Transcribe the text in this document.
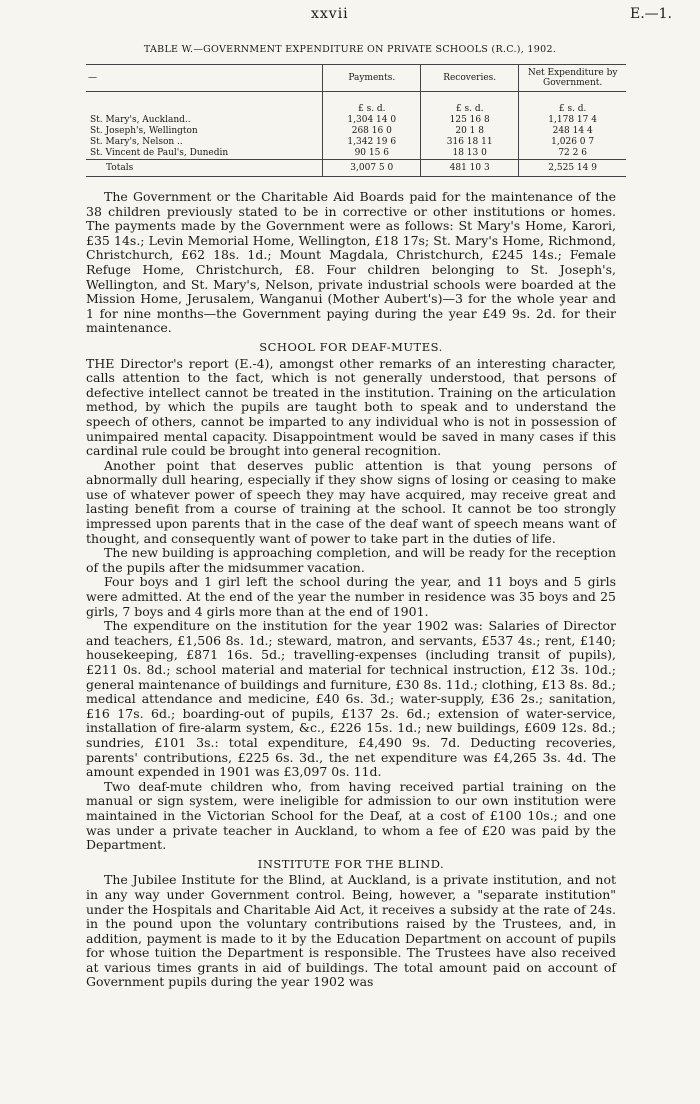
xxvii	E.—1.
TABLE W.—GOVERNMENT EXPENDITURE ON PRIVATE SCHOOLS (R.C.), 1902.
—	Payments.	Recoveries.	Net Expenditure by Government.

	£ s. d.	£ s. d.	£ s. d.
St. Mary's, Auckland..	1,304 14 0	125 16 8	1,178 17 4
St. Joseph's, Wellington	268 16 0	20 1 8	248 14 4
St. Mary's, Nelson ..	1,342 19 6	316 18 11	1,026 0 7
St. Vincent de Paul's, Dunedin	90 15 6	18 13 0	72 2 6
Totals	3,007 5 0	481 10 3	2,525 14 9

The Government or the Charitable Aid Boards paid for the maintenance of the 38 children previously stated to be in corrective or other institutions or homes. The payments made by the Government were as follows: St Mary's Home, Karori, £35 14s.; Levin Memorial Home, Wellington, £18 17s; St. Mary's Home, Richmond, Christchurch, £62 18s. 1d.; Mount Magdala, Christchurch, £245 14s.; Female Refuge Home, Christchurch, £8. Four children belonging to St. Joseph's, Wellington, and St. Mary's, Nelson, private industrial schools were boarded at the Mission Home, Jerusalem, Wanganui (Mother Aubert's)—3 for the whole year and 1 for nine months—the Government paying during the year £49 9s. 2d. for their maintenance.

SCHOOL FOR DEAF-MUTES.

THE Director's report (E.-4), amongst other remarks of an interesting character, calls attention to the fact, which is not generally understood, that persons of defective intellect cannot be treated in the institution. Training on the articulation method, by which the pupils are taught both to speak and to understand the speech of others, cannot be imparted to any individual who is not in possession of unimpaired mental capacity. Disappointment would be saved in many cases if this cardinal rule could be brought into general recognition.

Another point that deserves public attention is that young persons of abnormally dull hearing, especially if they show signs of losing or ceasing to make use of whatever power of speech they may have acquired, may receive great and lasting benefit from a course of training at the school. It cannot be too strongly impressed upon parents that in the case of the deaf want of speech means want of thought, and consequently want of power to take part in the duties of life.

The new building is approaching completion, and will be ready for the reception of the pupils after the midsummer vacation.

Four boys and 1 girl left the school during the year, and 11 boys and 5 girls were admitted. At the end of the year the number in residence was 35 boys and 25 girls, 7 boys and 4 girls more than at the end of 1901.

The expenditure on the institution for the year 1902 was: Salaries of Director and teachers, £1,506 8s. 1d.; steward, matron, and servants, £537 4s.; rent, £140; housekeeping, £871 16s. 5d.; travelling-expenses (including transit of pupils), £211 0s. 8d.; school material and material for technical instruction, £12 3s. 10d.; general maintenance of buildings and furniture, £30 8s. 11d.; clothing, £13 8s. 8d.; medical attendance and medicine, £40 6s. 3d.; water-supply, £36 2s.; sanitation, £16 17s. 6d.; boarding-out of pupils, £137 2s. 6d.; extension of water-service, installation of fire-alarm system, &c., £226 15s. 1d.; new buildings, £609 12s. 8d.; sundries, £101 3s.: total expenditure, £4,490 9s. 7d. Deducting recoveries, parents' contributions, £225 6s. 3d., the net expenditure was £4,265 3s. 4d. The amount expended in 1901 was £3,097 0s. 11d.

Two deaf-mute children who, from having received partial training on the manual or sign system, were ineligible for admission to our own institution were maintained in the Victorian School for the Deaf, at a cost of £100 10s.; and one was under a private teacher in Auckland, to whom a fee of £20 was paid by the Department.

INSTITUTE FOR THE BLIND.

The Jubilee Institute for the Blind, at Auckland, is a private institution, and not in any way under Government control. Being, however, a "separate institution" under the Hospitals and Charitable Aid Act, it receives a subsidy at the rate of 24s. in the pound upon the voluntary contributions raised by the Trustees, and, in addition, payment is made to it by the Education Department on account of pupils for whose tuition the Department is responsible. The Trustees have also received at various times grants in aid of buildings. The total amount paid on account of Government pupils during the year 1902 was
